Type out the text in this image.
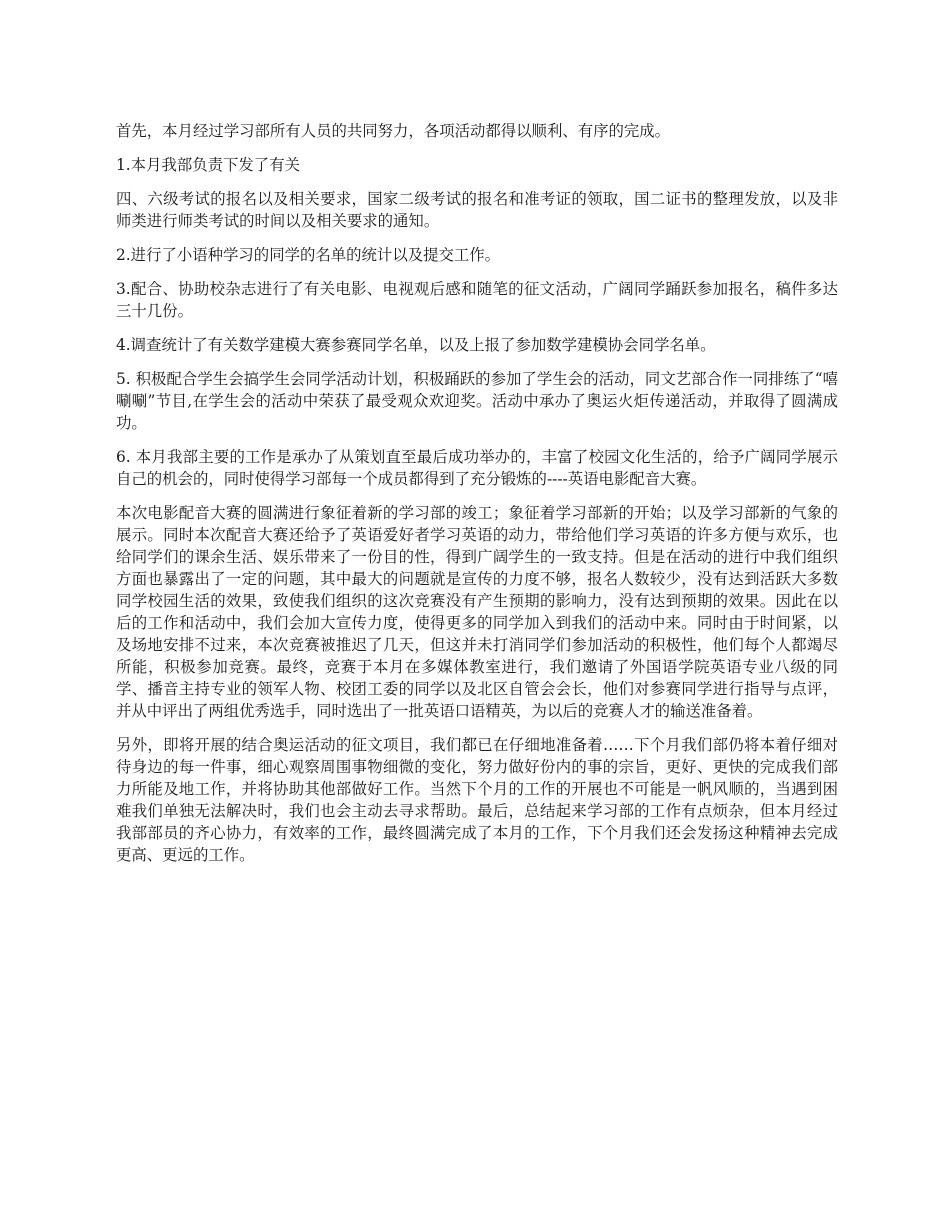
首先，本月经过学习部所有人员的共同努力，各项活动都得以顺利、有序的完成。

1.本月我部负责下发了有关

四、六级考试的报名以及相关要求，国家二级考试的报名和准考证的领取，国二证书的整理发放，以及非师类进行师类考试的时间以及相关要求的通知。

2.进行了小语种学习的同学的名单的统计以及提交工作。

3.配合、协助校杂志进行了有关电影、电视观后感和随笔的征文活动，广阔同学踊跃参加报名，稿件多达三十几份。

4.调查统计了有关数学建模大赛参赛同学名单，以及上报了参加数学建模协会同学名单。

5. 积极配合学生会搞学生会同学活动计划，积极踊跃的参加了学生会的活动，同文艺部合作一同排练了“嘻唰唰”节目,在学生会的活动中荣获了最受观众欢迎奖。活动中承办了奥运火炬传递活动，并取得了圆满成功。

6. 本月我部主要的工作是承办了从策划直至最后成功举办的，丰富了校园文化生活的，给予广阔同学展示自己的机会的，同时使得学习部每一个成员都得到了充分锻炼的----英语电影配音大赛。

本次电影配音大赛的圆满进行象征着新的学习部的竣工；象征着学习部新的开始；以及学习部新的气象的展示。同时本次配音大赛还给予了英语爱好者学习英语的动力，带给他们学习英语的许多方便与欢乐，也给同学们的课余生活、娱乐带来了一份目的性，得到广阔学生的一致支持。但是在活动的进行中我们组织方面也暴露出了一定的问题，其中最大的问题就是宣传的力度不够，报名人数较少，没有达到活跃大多数同学校园生活的效果，致使我们组织的这次竞赛没有产生预期的影响力，没有达到预期的效果。因此在以后的工作和活动中，我们会加大宣传力度，使得更多的同学加入到我们的活动中来。同时由于时间紧，以及场地安排不过来，本次竞赛被推迟了几天，但这并未打消同学们参加活动的积极性，他们每个人都竭尽所能，积极参加竞赛。最终，竞赛于本月在多媒体教室进行，我们邀请了外国语学院英语专业八级的同学、播音主持专业的领军人物、校团工委的同学以及北区自管会会长，他们对参赛同学进行指导与点评，并从中评出了两组优秀选手，同时选出了一批英语口语精英，为以后的竞赛人才的输送准备着。

另外，即将开展的结合奥运活动的征文项目，我们都已在仔细地准备着……下个月我们部仍将本着仔细对待身边的每一件事，细心观察周围事物细微的变化，努力做好份内的事的宗旨，更好、更快的完成我们部力所能及地工作，并将协助其他部做好工作。当然下个月的工作的开展也不可能是一帆风顺的，当遇到困难我们单独无法解决时，我们也会主动去寻求帮助。最后，总结起来学习部的工作有点烦杂，但本月经过我部部员的齐心协力，有效率的工作，最终圆满完成了本月的工作，下个月我们还会发扬这种精神去完成更高、更远的工作。
